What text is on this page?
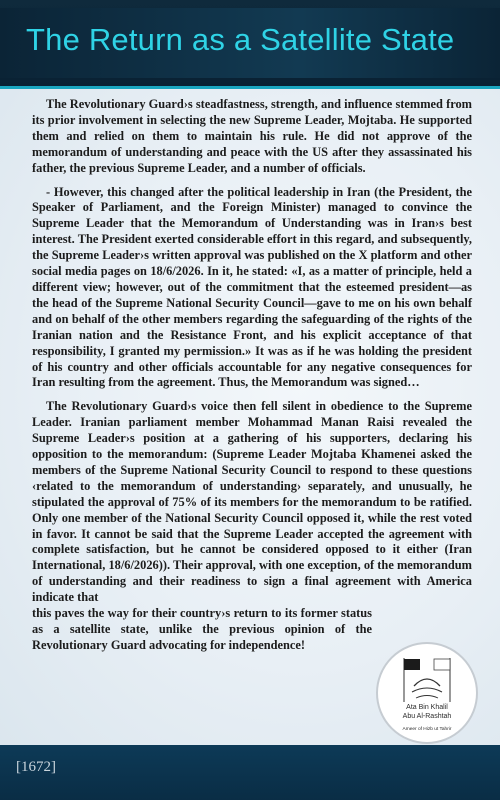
The Return as a Satellite State

The Revolutionary Guard›s steadfastness, strength, and influence stemmed from its prior involvement in selecting the new Supreme Leader, Mojtaba. He supported them and relied on them to maintain his rule. He did not approve of the memorandum of understanding and peace with the US after they assassinated his father, the previous Supreme Leader, and a number of officials.

- However, this changed after the political leadership in Iran (the President, the Speaker of Parliament, and the Foreign Minister) managed to convince the Supreme Leader that the Memorandum of Understanding was in Iran›s best interest. The President exerted considerable effort in this regard, and subsequently, the Supreme Leader›s written approval was published on the X platform and other social media pages on 18/6/2026. In it, he stated: «I, as a matter of principle, held a different view; however, out of the commitment that the esteemed president—as the head of the Supreme National Security Council—gave to me on his own behalf and on behalf of the other members regarding the safeguarding of the rights of the Iranian nation and the Resistance Front, and his explicit acceptance of that responsibility, I granted my permission.» It was as if he was holding the president of his country and other officials accountable for any negative consequences for Iran resulting from the agreement. Thus, the Memorandum was signed…

The Revolutionary Guard›s voice then fell silent in obedience to the Supreme Leader. Iranian parliament member Mohammad Manan Raisi revealed the Supreme Leader›s position at a gathering of his supporters, declaring his opposition to the memorandum: (Supreme Leader Mojtaba Khamenei asked the members of the Supreme National Security Council to respond to these questions ‹related to the memorandum of understanding› separately, and unusually, he stipulated the approval of 75% of its members for the memorandum to be ratified. Only one member of the National Security Council opposed it, while the rest voted in favor. It cannot be said that the Supreme Leader accepted the agreement with complete satisfaction, but he cannot be considered opposed to it either (Iran International, 18/6/2026)). Their approval, with one exception, of the memorandum of understanding and their readiness to sign a final agreement with America indicate that
this paves the way for their country›s return to its former status as a satellite state, unlike the previous opinion of the Revolutionary Guard advocating for independence!

Ata Bin Khalil
Abu Al-Rashtah
Ameer of Hizb ut Tahrir
[1672]
